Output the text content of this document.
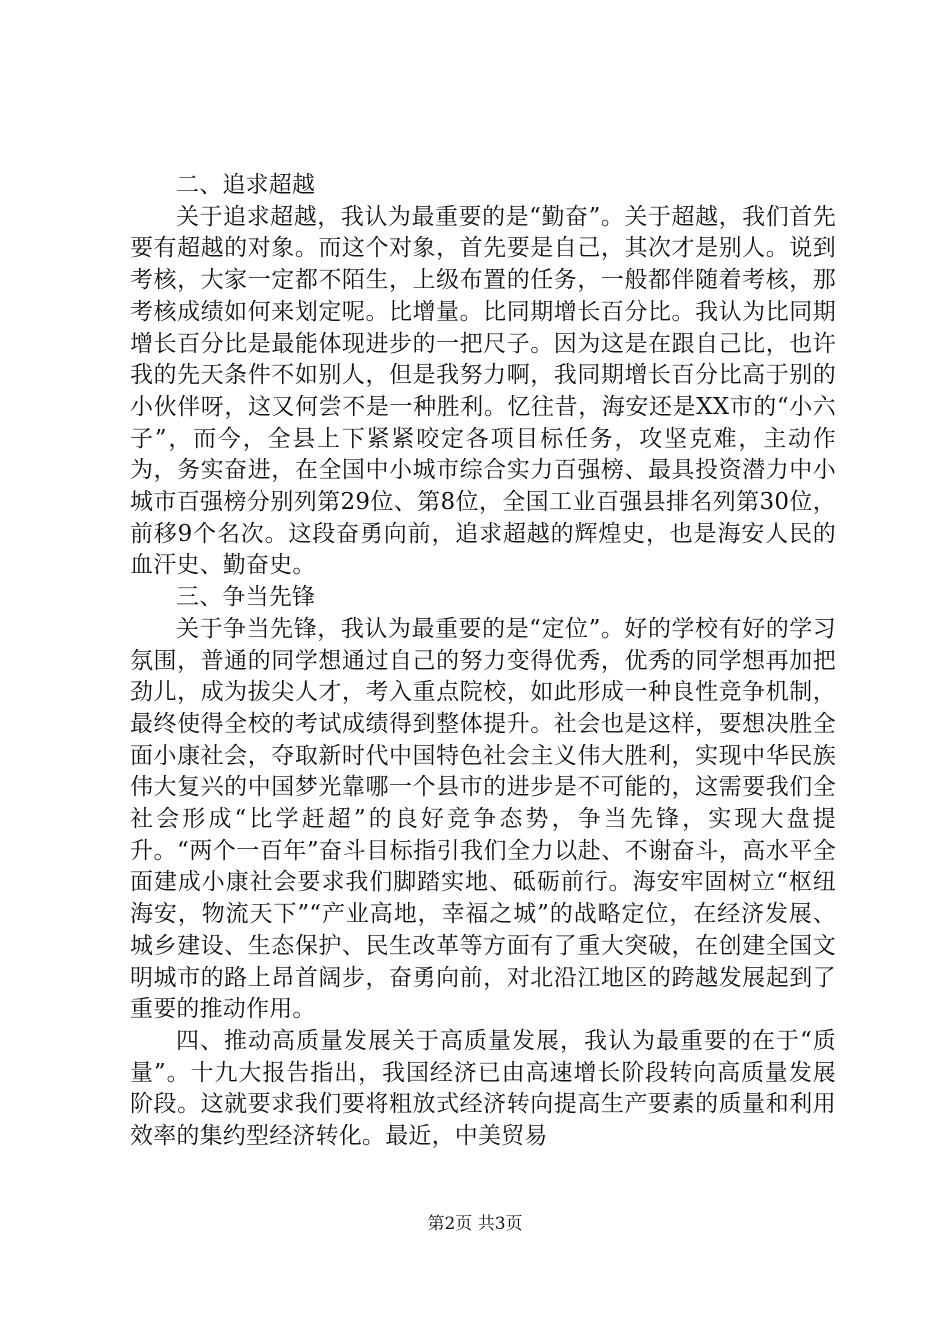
二、追求超越

关于追求超越，我认为最重要的是“勤奋”。关于超越，我们首先要有超越的对象。而这个对象，首先要是自己，其次才是别人。说到考核，大家一定都不陌生，上级布置的任务，一般都伴随着考核，那考核成绩如何来划定呢。比增量。比同期增长百分比。我认为比同期增长百分比是最能体现进步的一把尺子。因为这是在跟自己比，也许我的先天条件不如别人，但是我努力啊，我同期增长百分比高于别的小伙伴呀，这又何尝不是一种胜利。忆往昔，海安还是XX市的“小六子”，而今，全县上下紧紧咬定各项目标任务，攻坚克难，主动作为，务实奋进，在全国中小城市综合实力百强榜、最具投资潜力中小城市百强榜分别列第29位、第8位，全国工业百强县排名列第30位，前移9个名次。这段奋勇向前，追求超越的辉煌史，也是海安人民的血汗史、勤奋史。

三、争当先锋

关于争当先锋，我认为最重要的是“定位”。好的学校有好的学习氛围，普通的同学想通过自己的努力变得优秀，优秀的同学想再加把劲儿，成为拔尖人才，考入重点院校，如此形成一种良性竞争机制，最终使得全校的考试成绩得到整体提升。社会也是这样，要想决胜全面小康社会，夺取新时代中国特色社会主义伟大胜利，实现中华民族伟大复兴的中国梦光靠哪一个县市的进步是不可能的，这需要我们全社会形成“比学赶超”的良好竞争态势，争当先锋，实现大盘提升。“两个一百年”奋斗目标指引我们全力以赴、不谢奋斗，高水平全面建成小康社会要求我们脚踏实地、砥砺前行。海安牢固树立“枢纽海安，物流天下”“产业高地，幸福之城”的战略定位，在经济发展、城乡建设、生态保护、民生改革等方面有了重大突破，在创建全国文明城市的路上昂首阔步，奋勇向前，对北沿江地区的跨越发展起到了重要的推动作用。

四、推动高质量发展关于高质量发展，我认为最重要的在于“质量”。十九大报告指出，我国经济已由高速增长阶段转向高质量发展阶段。这就要求我们要将粗放式经济转向提高生产要素的质量和利用效率的集约型经济转化。最近，中美贸易

第2页 共3页
